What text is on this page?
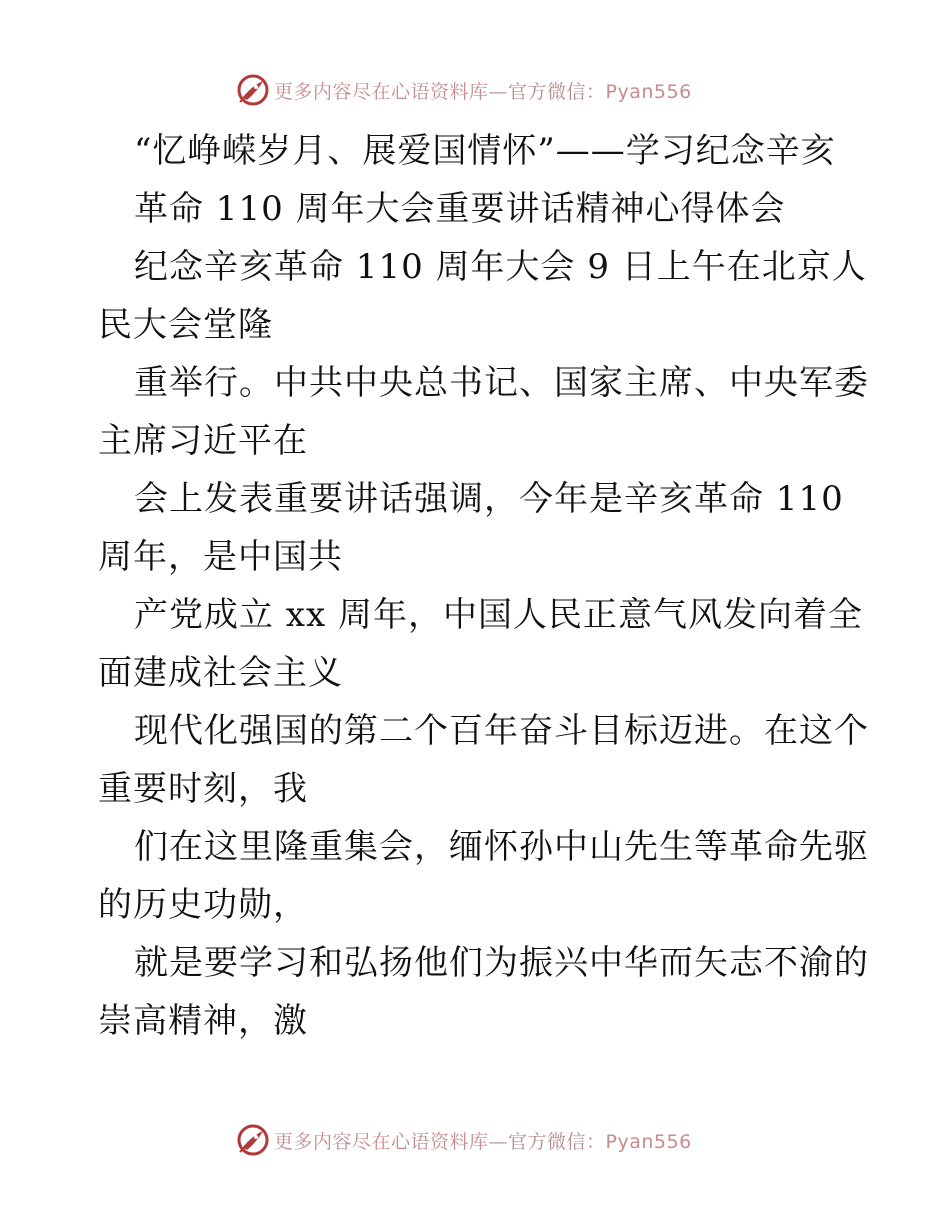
更多内容尽在心语资料库—官方微信：Pyan556
“忆峥嵘岁月、展爱国情怀”——学习纪念辛亥
革命 110 周年大会重要讲话精神心得体会
纪念辛亥革命 110 周年大会 9 日上午在北京人
民大会堂隆
重举行。中共中央总书记、国家主席、中央军委
主席习近平在
会上发表重要讲话强调，今年是辛亥革命 110
周年，是中国共
产党成立 xx 周年，中国人民正意气风发向着全
面建成社会主义
现代化强国的第二个百年奋斗目标迈进。在这个
重要时刻，我
们在这里隆重集会，缅怀孙中山先生等革命先驱
的历史功勋，
就是要学习和弘扬他们为振兴中华而矢志不渝的
崇高精神，激
更多内容尽在心语资料库—官方微信：Pyan556
